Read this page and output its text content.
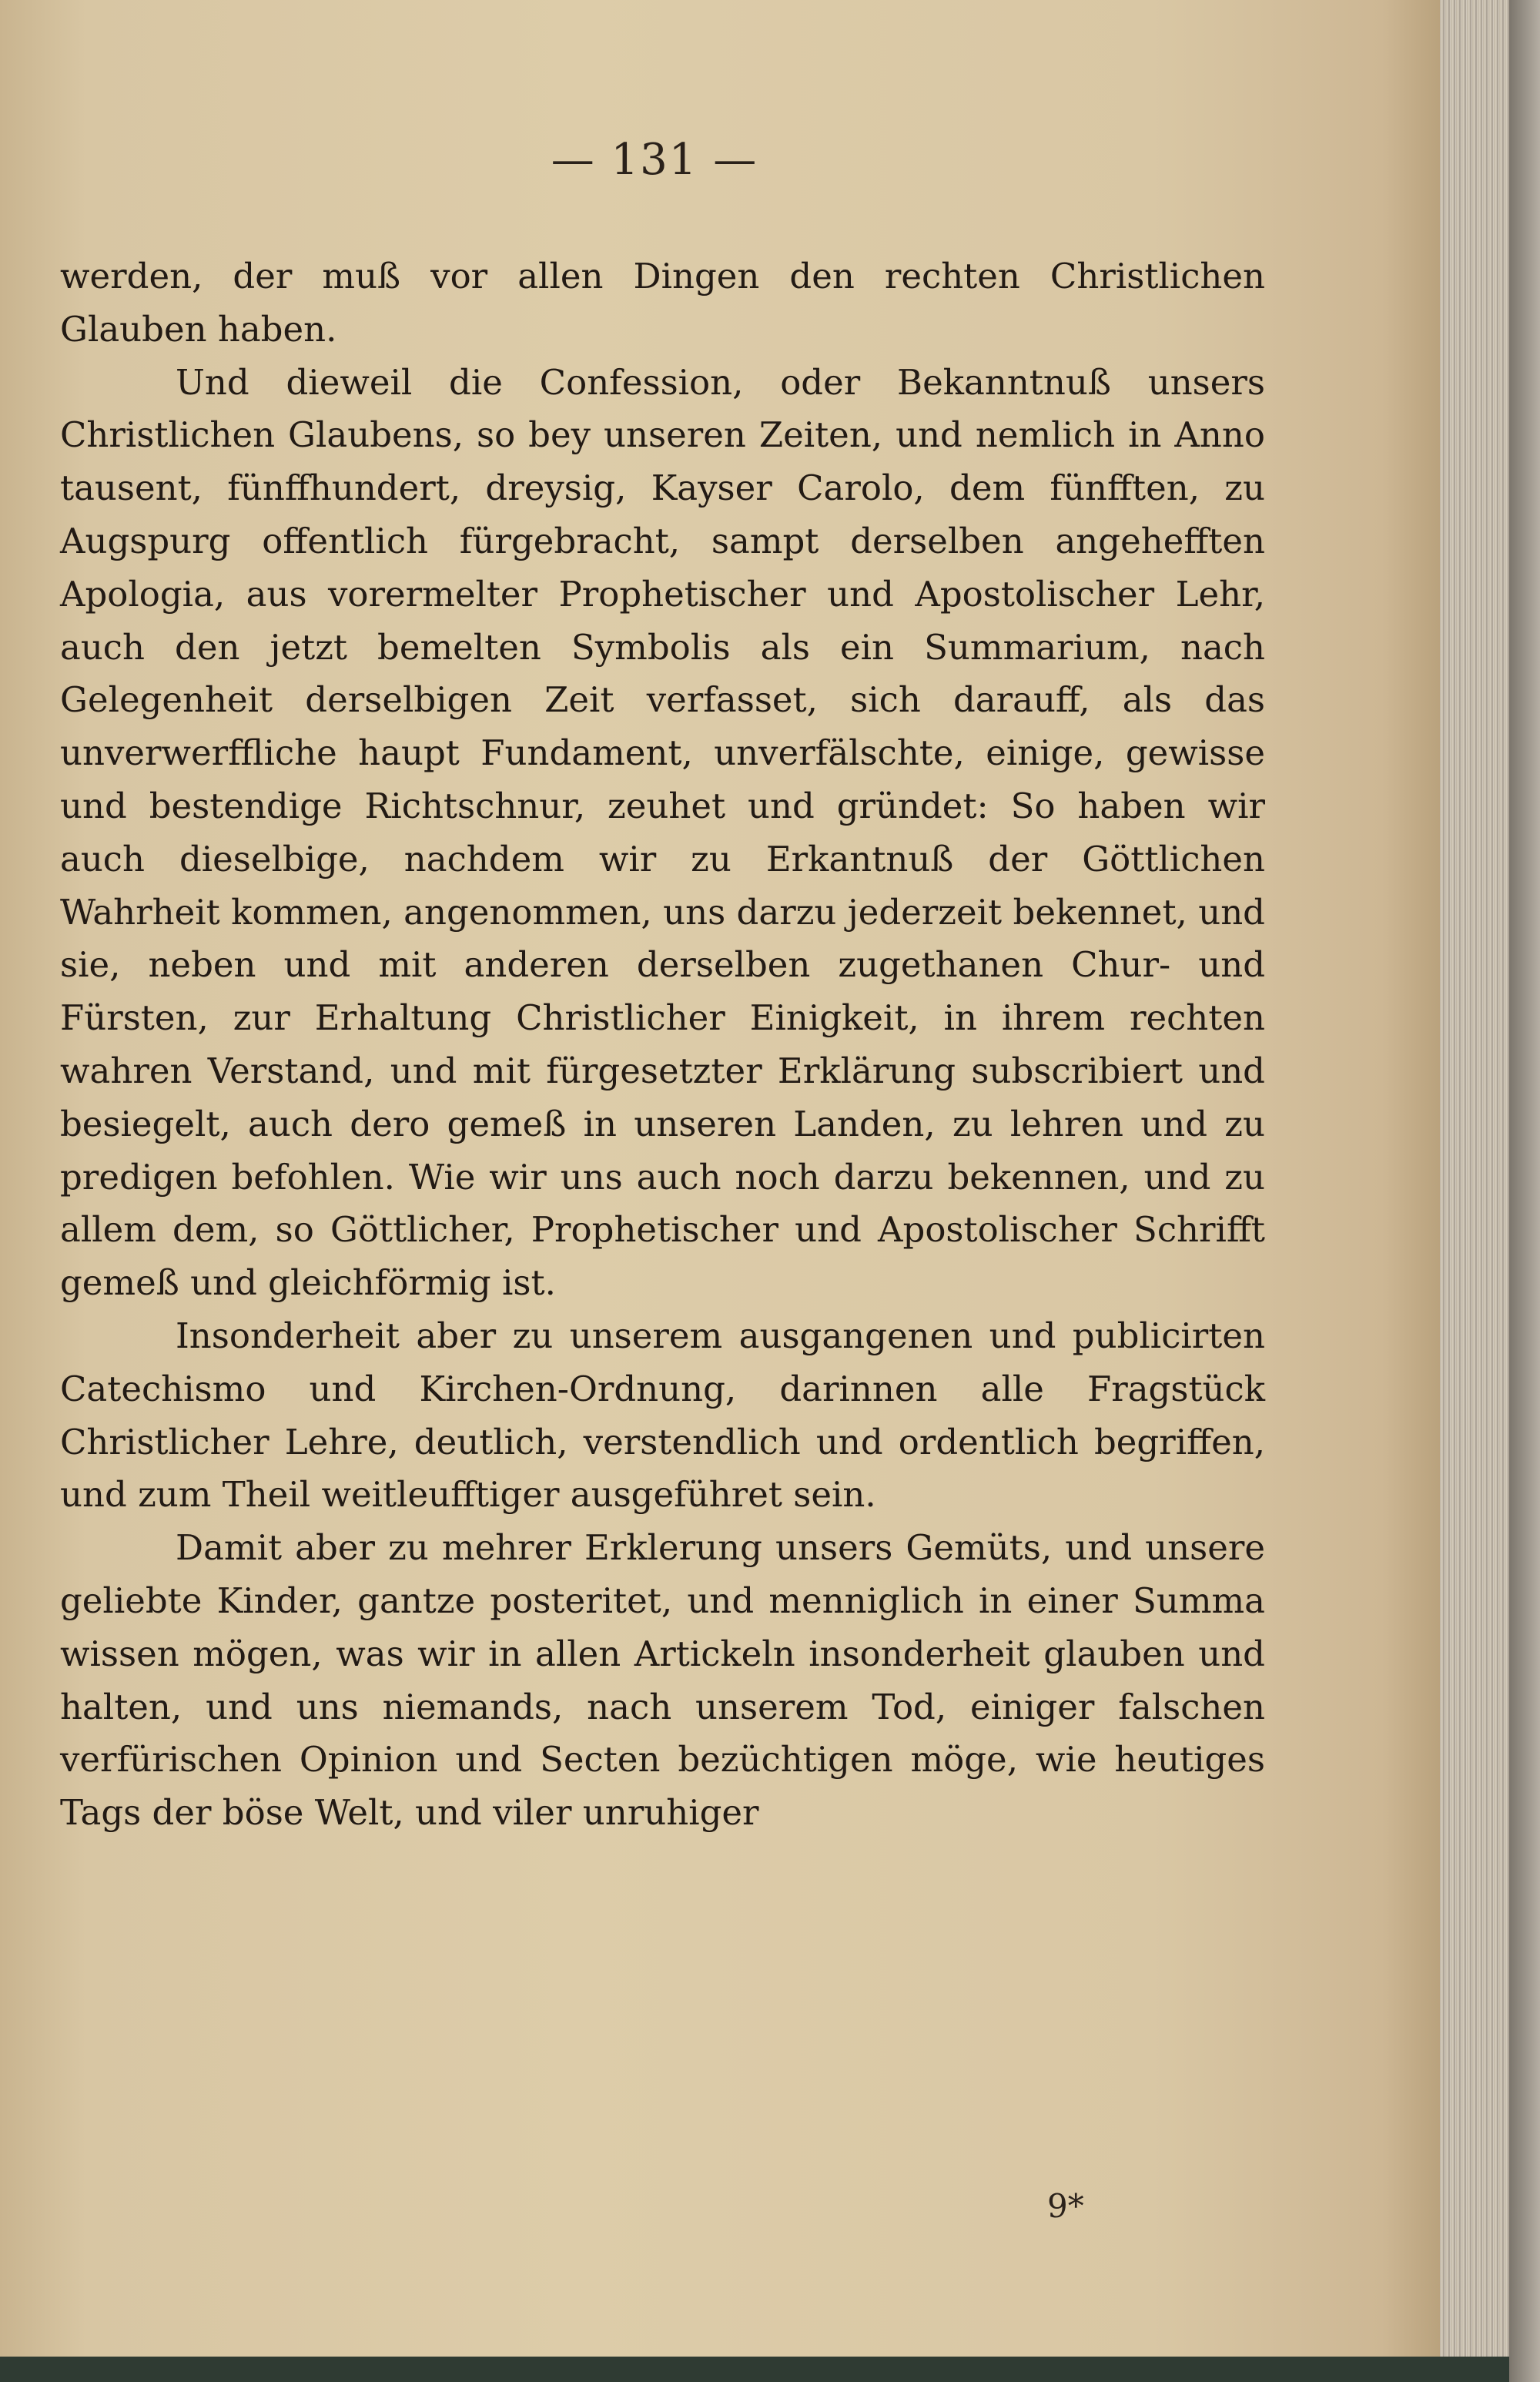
— 131 —

werden, der muß vor allen Dingen den rechten Christlichen Glauben haben.

Und dieweil die Confession, oder Bekanntnuß unsers Christlichen Glaubens, so bey unseren Zeiten, und nemlich in Anno tausent, fünffhundert, dreysig, Kayser Carolo, dem fünfften, zu Augspurg offentlich fürgebracht, sampt derselben angehefften Apologia, aus vorermelter Prophetischer und Apostolischer Lehr, auch den jetzt bemelten Symbolis als ein Summarium, nach Gelegenheit derselbigen Zeit verfasset, sich darauff, als das unverwerffliche haupt Fundament, unverfälschte, einige, gewisse und bestendige Richtschnur, zeuhet und gründet: So haben wir auch dieselbige, nachdem wir zu Erkantnuß der Göttlichen Wahrheit kommen, angenommen, uns darzu jederzeit bekennet, und sie, neben und mit anderen derselben zugethanen Chur- und Fürsten, zur Erhaltung Christlicher Einigkeit, in ihrem rechten wahren Verstand, und mit fürgesetzter Erklärung subscribiert und besiegelt, auch dero gemeß in unseren Landen, zu lehren und zu predigen befohlen. Wie wir uns auch noch darzu bekennen, und zu allem dem, so Göttlicher, Prophetischer und Apostolischer Schrifft gemeß und gleichförmig ist.

Insonderheit aber zu unserem ausgangenen und publicirten Catechismo und Kirchen-Ordnung, darinnen alle Fragstück Christlicher Lehre, deutlich, verstendlich und ordentlich begriffen, und zum Theil weitleufftiger ausgeführet sein.

Damit aber zu mehrer Erklerung unsers Gemüts, und unsere geliebte Kinder, gantze posteritet, und menniglich in einer Summa wissen mögen, was wir in allen Artickeln insonderheit glauben und halten, und uns niemands, nach unserem Tod, einiger falschen verfürischen Opinion und Secten bezüchtigen möge, wie heutiges Tags der böse Welt, und viler unruhiger

9*
